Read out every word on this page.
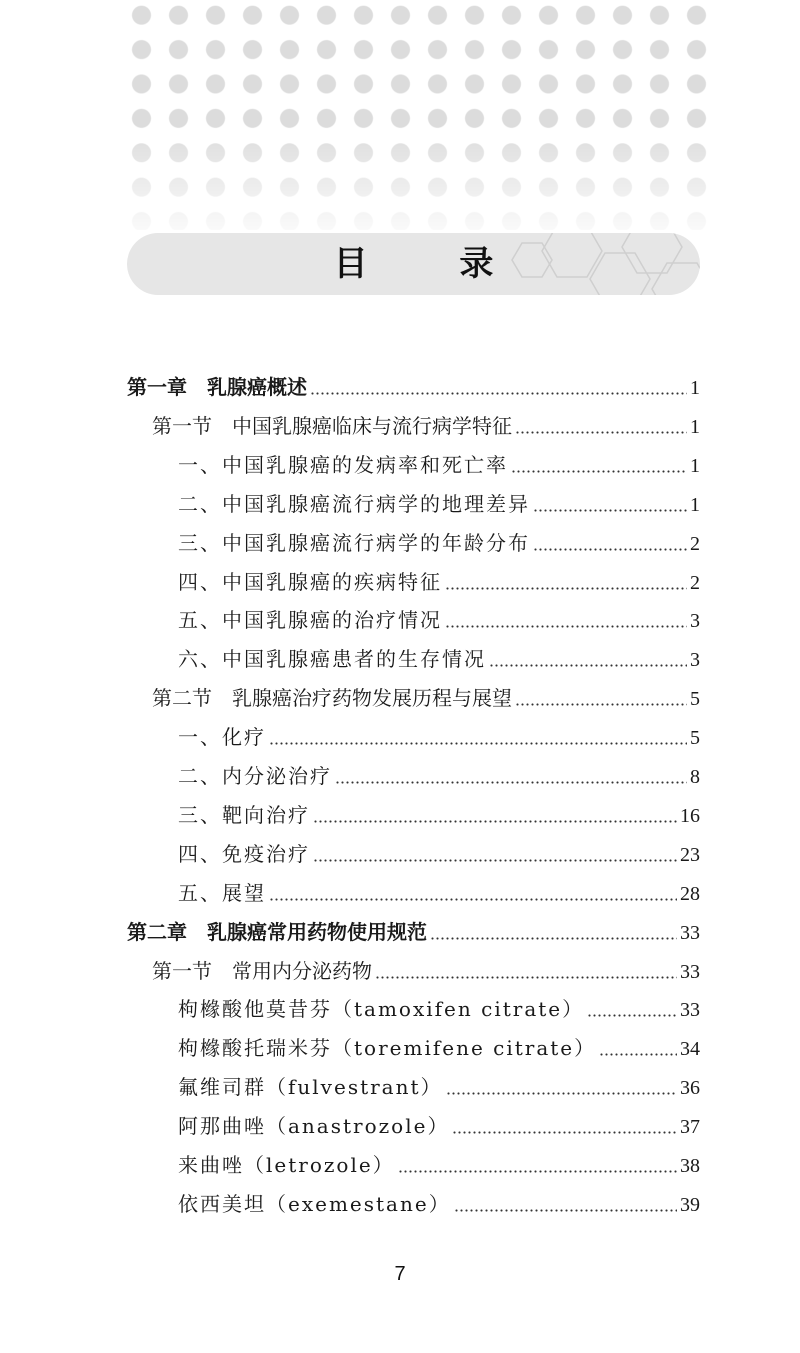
目 录
第一章　乳腺癌概述	1
第一节　中国乳腺癌临床与流行病学特征	1
一、中国乳腺癌的发病率和死亡率	1
二、中国乳腺癌流行病学的地理差异	1
三、中国乳腺癌流行病学的年龄分布	2
四、中国乳腺癌的疾病特征	2
五、中国乳腺癌的治疗情况	3
六、中国乳腺癌患者的生存情况	3
第二节　乳腺癌治疗药物发展历程与展望	5
一、化疗	5
二、内分泌治疗	8
三、靶向治疗	16
四、免疫治疗	23
五、展望	28
第二章　乳腺癌常用药物使用规范	33
第一节　常用内分泌药物	33
枸橼酸他莫昔芬（tamoxifen citrate）	33
枸橼酸托瑞米芬（toremifene citrate）	34
氟维司群（fulvestrant）	36
阿那曲唑（anastrozole）	37
来曲唑（letrozole）	38
依西美坦（exemestane）	39
7
